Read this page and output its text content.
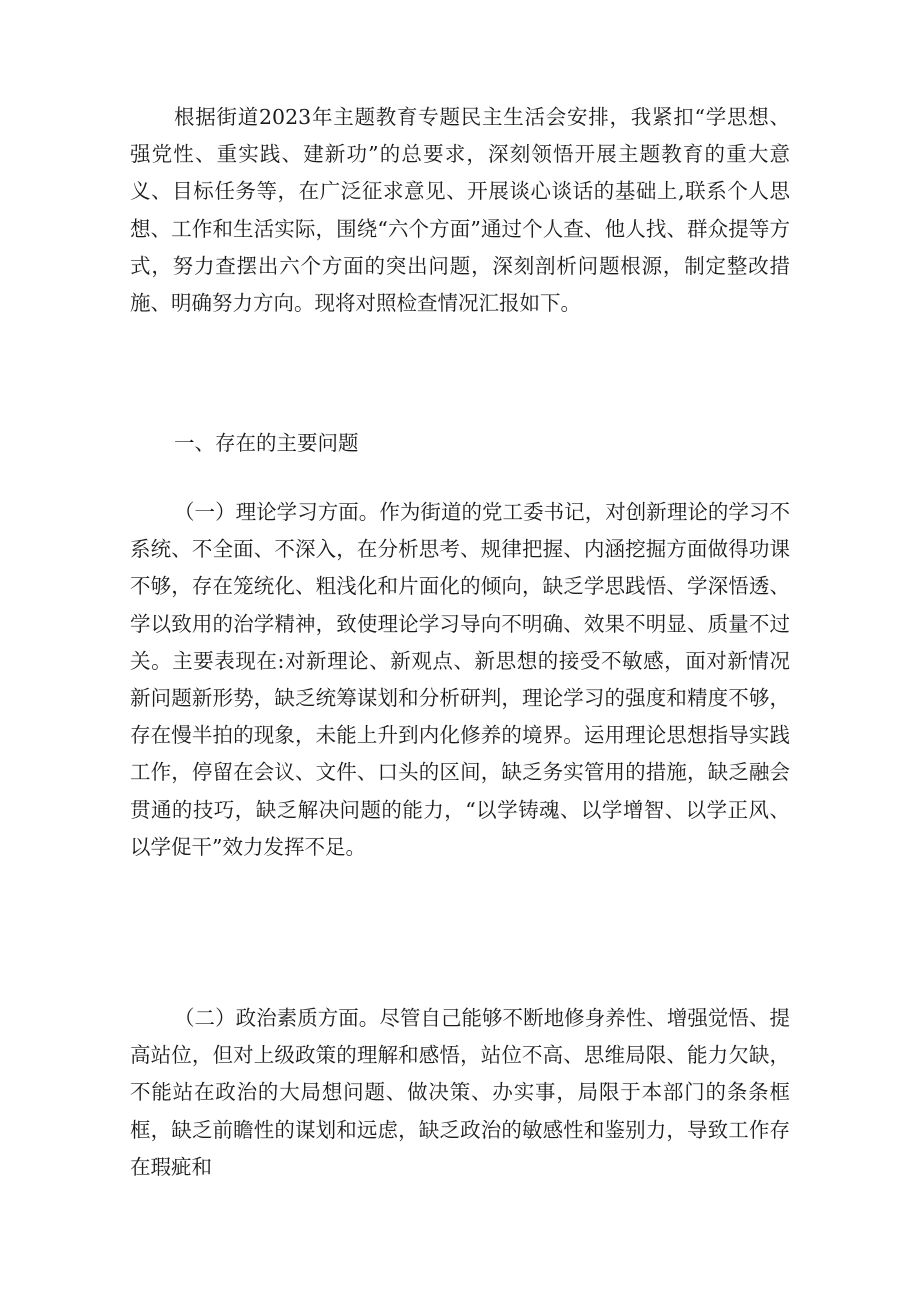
根据街道2023年主题教育专题民主生活会安排，我紧扣“学思想、强党性、重实践、建新功”的总要求，深刻领悟开展主题教育的重大意义、目标任务等，在广泛征求意见、开展谈心谈话的基础上,联系个人思想、工作和生活实际，围绕“六个方面”通过个人查、他人找、群众提等方式，努力查摆出六个方面的突出问题，深刻剖析问题根源，制定整改措施、明确努力方向。现将对照检查情况汇报如下。

一、存在的主要问题

（一）理论学习方面。作为街道的党工委书记，对创新理论的学习不系统、不全面、不深入，在分析思考、规律把握、内涵挖掘方面做得功课不够，存在笼统化、粗浅化和片面化的倾向，缺乏学思践悟、学深悟透、学以致用的治学精神，致使理论学习导向不明确、效果不明显、质量不过关。主要表现在:对新理论、新观点、新思想的接受不敏感，面对新情况新问题新形势，缺乏统筹谋划和分析研判，理论学习的强度和精度不够，存在慢半拍的现象，未能上升到内化修养的境界。运用理论思想指导实践工作，停留在会议、文件、口头的区间，缺乏务实管用的措施，缺乏融会贯通的技巧，缺乏解决问题的能力，“以学铸魂、以学增智、以学正风、以学促干”效力发挥不足。

（二）政治素质方面。尽管自己能够不断地修身养性、增强觉悟、提高站位，但对上级政策的理解和感悟，站位不高、思维局限、能力欠缺，不能站在政治的大局想问题、做决策、办实事，局限于本部门的条条框框，缺乏前瞻性的谋划和远虑，缺乏政治的敏感性和鉴别力，导致工作存在瑕疵和
